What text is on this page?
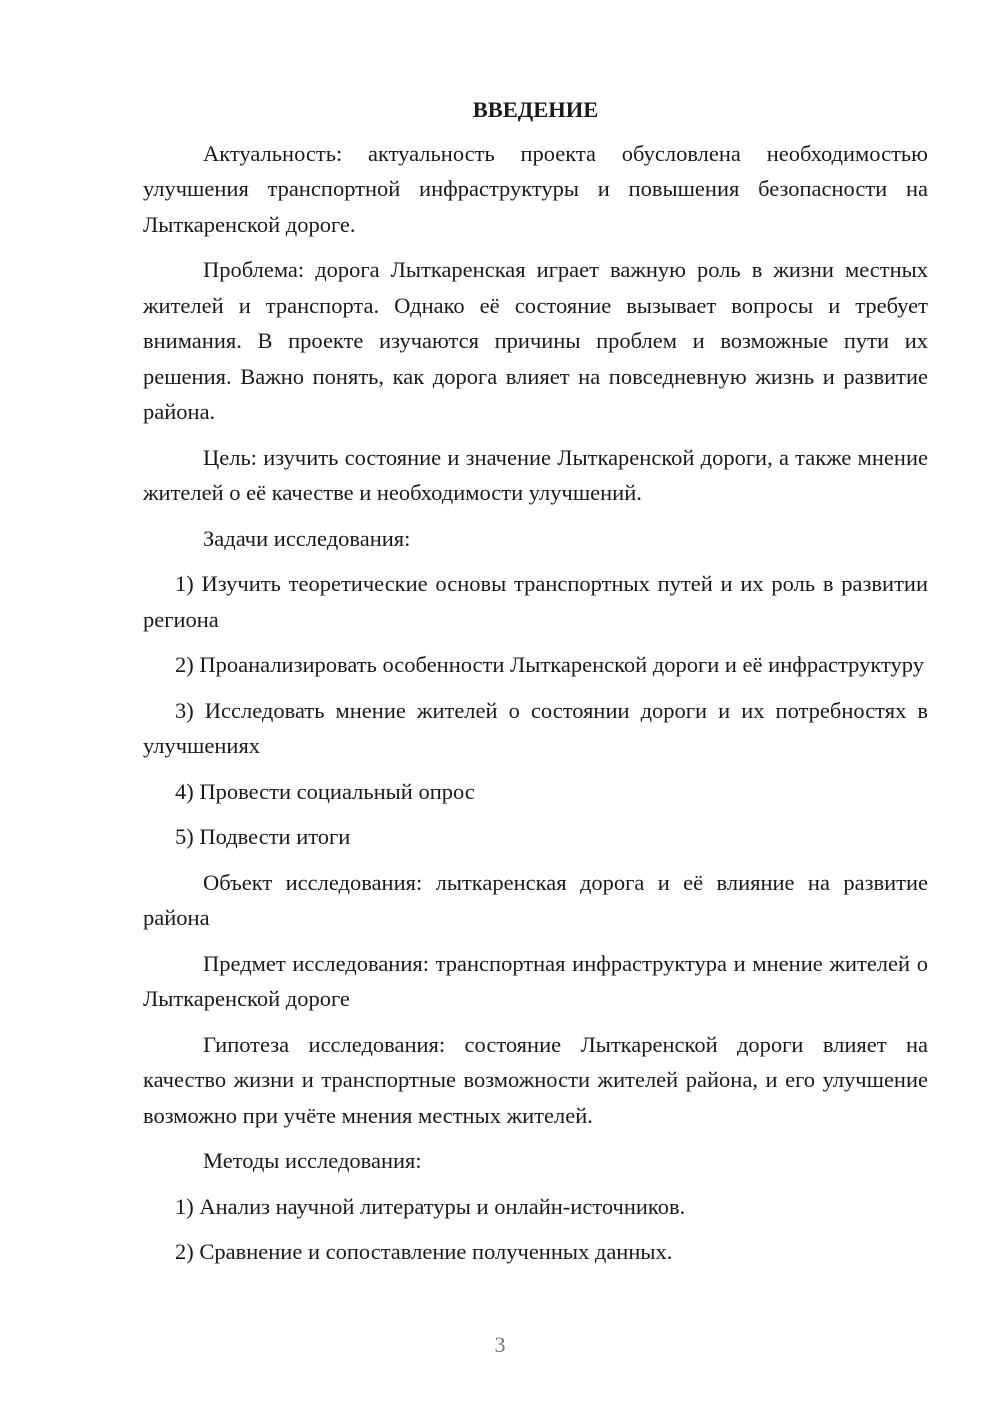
ВВЕДЕНИЕ

Актуальность: актуальность проекта обусловлена необходимостью улучшения транспортной инфраструктуры и повышения безопасности на Лыткаренской дороге.

Проблема: дорога Лыткаренская играет важную роль в жизни местных жителей и транспорта. Однако её состояние вызывает вопросы и требует внимания. В проекте изучаются причины проблем и возможные пути их решения. Важно понять, как дорога влияет на повседневную жизнь и развитие района.

Цель: изучить состояние и значение Лыткаренской дороги, а также мнение жителей о её качестве и необходимости улучшений.

Задачи исследования:

1) Изучить теоретические основы транспортных путей и их роль в развитии региона

2) Проанализировать особенности Лыткаренской дороги и её инфраструктуру

3) Исследовать мнение жителей о состоянии дороги и их потребностях в улучшениях

4) Провести социальный опрос

5) Подвести итоги

Объект исследования: лыткаренская дорога и её влияние на развитие района

Предмет исследования: транспортная инфраструктура и мнение жителей о Лыткаренской дороге

Гипотеза исследования: состояние Лыткаренской дороги влияет на качество жизни и транспортные возможности жителей района, и его улучшение возможно при учёте мнения местных жителей.

Методы исследования:

1) Анализ научной литературы и онлайн-источников.

2) Сравнение и сопоставление полученных данных.

3
